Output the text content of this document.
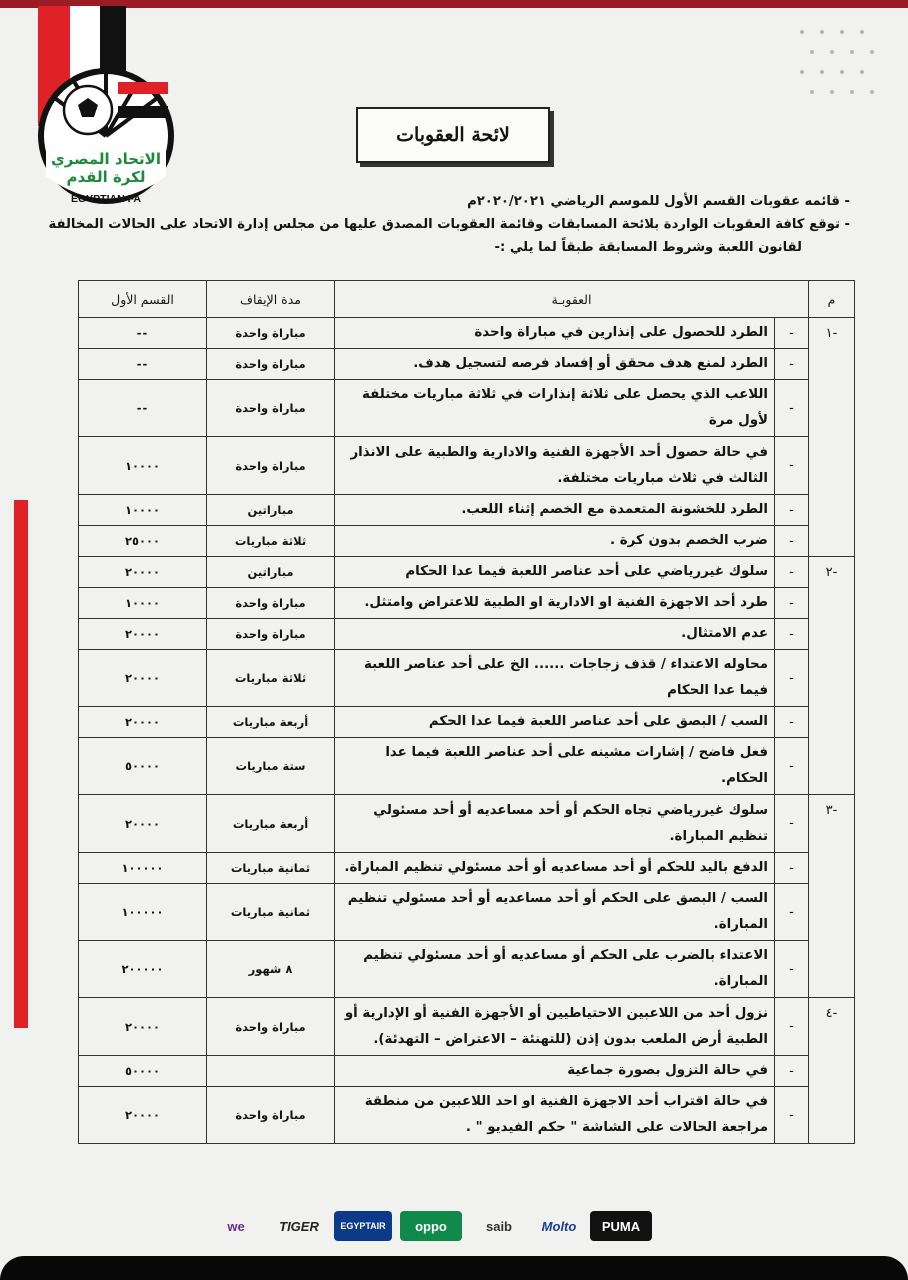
الاتحاد المصري
لكرة القدم
EGYPTIAN FA
لائحة العقوبات
- قائمه عقوبات القسم الأول للموسم الرياضي ٢٠٢٠/٢٠٢١م
- توقع كافة العقوبات الواردة بلائحة المسابقات وقائمة العقوبات المصدق عليها من مجلس إدارة الاتحاد على الحالات المخالفة
لقانون اللعبة وشروط المسابقة طبقاً لما يلي :-
م	العقوبـة		مدة الإيقاف	القسم الأول
-١	-	الطرد للحصول على إنذارين في مباراة واحدة	مباراة واحدة	--
	-	الطرد لمنع هدف محقق أو إفساد فرصه لتسجيل هدف.	مباراة واحدة	--
	-	اللاعب الذي يحصل على ثلاثة إنذارات في ثلاثة مباريات مختلفة لأول مرة	مباراة واحدة	--
	-	في حالة حصول أحد الأجهزة الفنية والادارية والطبية على الانذار الثالث في ثلاث مباريات مختلفة.	مباراة واحدة	١٠٠٠٠
	-	الطرد للخشونة المتعمدة مع الخصم إثناء اللعب.	مباراتين	١٠٠٠٠
	-	ضرب الخصم بدون كرة .	ثلاثة مباريات	٢٥٠٠٠
-٢	-	سلوك غيررياضي على أحد عناصر اللعبة فيما عدا الحكام	مباراتين	٢٠٠٠٠
	-	طرد أحد الاجهزة الفنية او الادارية او الطبية للاعتراض وامتثل.	مباراة واحدة	١٠٠٠٠
	-	عدم الامتثال.	مباراة واحدة	٢٠٠٠٠
	-	محاوله الاعتداء / قذف زجاجات ...... الخ على أحد عناصر اللعبة فيما عدا الحكام	ثلاثة مباريات	٢٠٠٠٠
	-	السب / البصق على أحد عناصر اللعبة فيما عدا الحكم	أربعة مباريات	٢٠٠٠٠
	-	فعل فاضح / إشارات مشينه على أحد عناصر اللعبة فيما عدا الحكام.	ستة مباريات	٥٠٠٠٠
-٣	-	سلوك غيررياضي تجاه الحكم أو أحد مساعديه أو أحد مسئولي تنظيم المباراة.	أربعة مباريات	٢٠٠٠٠
	-	الدفع باليد للحكم أو أحد مساعديه أو أحد مسئولي تنظيم المباراة.	ثمانية مباريات	١٠٠٠٠٠
	-	السب / البصق على الحكم أو أحد مساعديه أو أحد مسئولي تنظيم المباراة.	ثمانية مباريات	١٠٠٠٠٠
	-	الاعتداء بالضرب على الحكم أو مساعديه أو أحد مسئولي تنظيم المباراة.	٨ شهور	٢٠٠٠٠٠
-٤	-	نزول أحد من اللاعبين الاحتياطيين أو الأجهزة الفنية أو الإدارية أو الطبية أرض الملعب بدون إذن (للتهنئة – الاعتراض – التهدئة).	مباراة واحدة	٢٠٠٠٠
	-	في حالة النزول بصورة جماعية		٥٠٠٠٠
	-	في حالة اقتراب أحد الاجهزة الفنية او احد اللاعبين من منطقة مراجعة الحالات على الشاشة " حكم الفيديو " .	مباراة واحدة	٢٠٠٠٠
we	TIGER	EGYPTAIR	oppo	saib	Molto	PUMA
